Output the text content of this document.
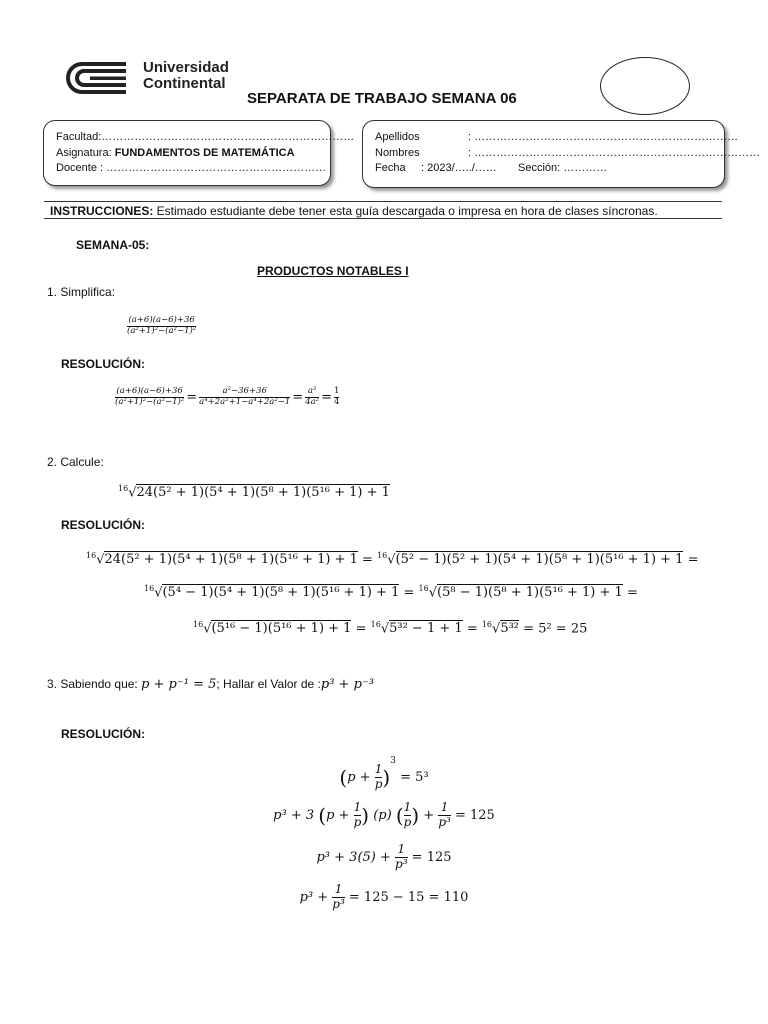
Universidad
Continental
SEPARATA DE TRABAJO SEMANA 06
Facultad:……………………………………………………………
Asignatura: FUNDAMENTOS DE MATEMÁTICA
Docente : ……………………………………………………
Apellidos	: ………………………………………………………………
Nombres	: ……………………………………………………………………
Fecha : 2023/…../…… Sección: …………
INSTRUCCIONES: Estimado estudiante debe tener esta guía descargada o impresa en hora de clases síncronas.
SEMANA-05:
PRODUCTOS NOTABLES I
1. Simplifica:
$\frac{(a+6)(a-6)+36}{\text{(a²+1)²−(a²−1)²}}$
RESOLUCIÓN:
$\frac{(a+6)(a-6)+36}{\text{(a²+1)²−(a²−1)²}} = \frac{\text{a²−36+36}}{\text{a⁴+2a²+1−a⁴+2a²−1}} = \frac{\text{a²}}{\text{4a²}} = \frac{1}{4}$
2. Calcule:
$^{16}$√24(5² + 1)(5⁴ + 1)(5⁸ + 1)(5¹⁶ + 1) + 1
RESOLUCIÓN:
$^{16}$√24(5² + 1)(5⁴ + 1)(5⁸ + 1)(5¹⁶ + 1) + 1 = $^{16}$√(5² − 1)(5² + 1)(5⁴ + 1)(5⁸ + 1)(5¹⁶ + 1) + 1 =
$^{16}$√(5⁴ − 1)(5⁴ + 1)(5⁸ + 1)(5¹⁶ + 1) + 1 = $^{16}$√(5⁸ − 1)(5⁸ + 1)(5¹⁶ + 1) + 1 =
$^{16}$√(5¹⁶ − 1)(5¹⁶ + 1) + 1 = $^{16}$√5³² − 1 + 1 = $^{16}$√5³² = 5² = 25
3. Sabiendo que: p + p⁻¹ = 5; Hallar el Valor de :p³ + p⁻³
RESOLUCIÓN:
$(p + \frac{1}{p} )^3 = 5^3$
p³ + 3 ($p + \frac{1}{p}$ ) (p) ( $\frac{1}{p}$ ) + $\frac{1}{\text{p³}} = 125$
$p^3 + 3(5) + \frac{1}{\text{p³}} = 125$
$p^3 + \frac{1}{\text{p³}} = 125 - 15 = 110$
